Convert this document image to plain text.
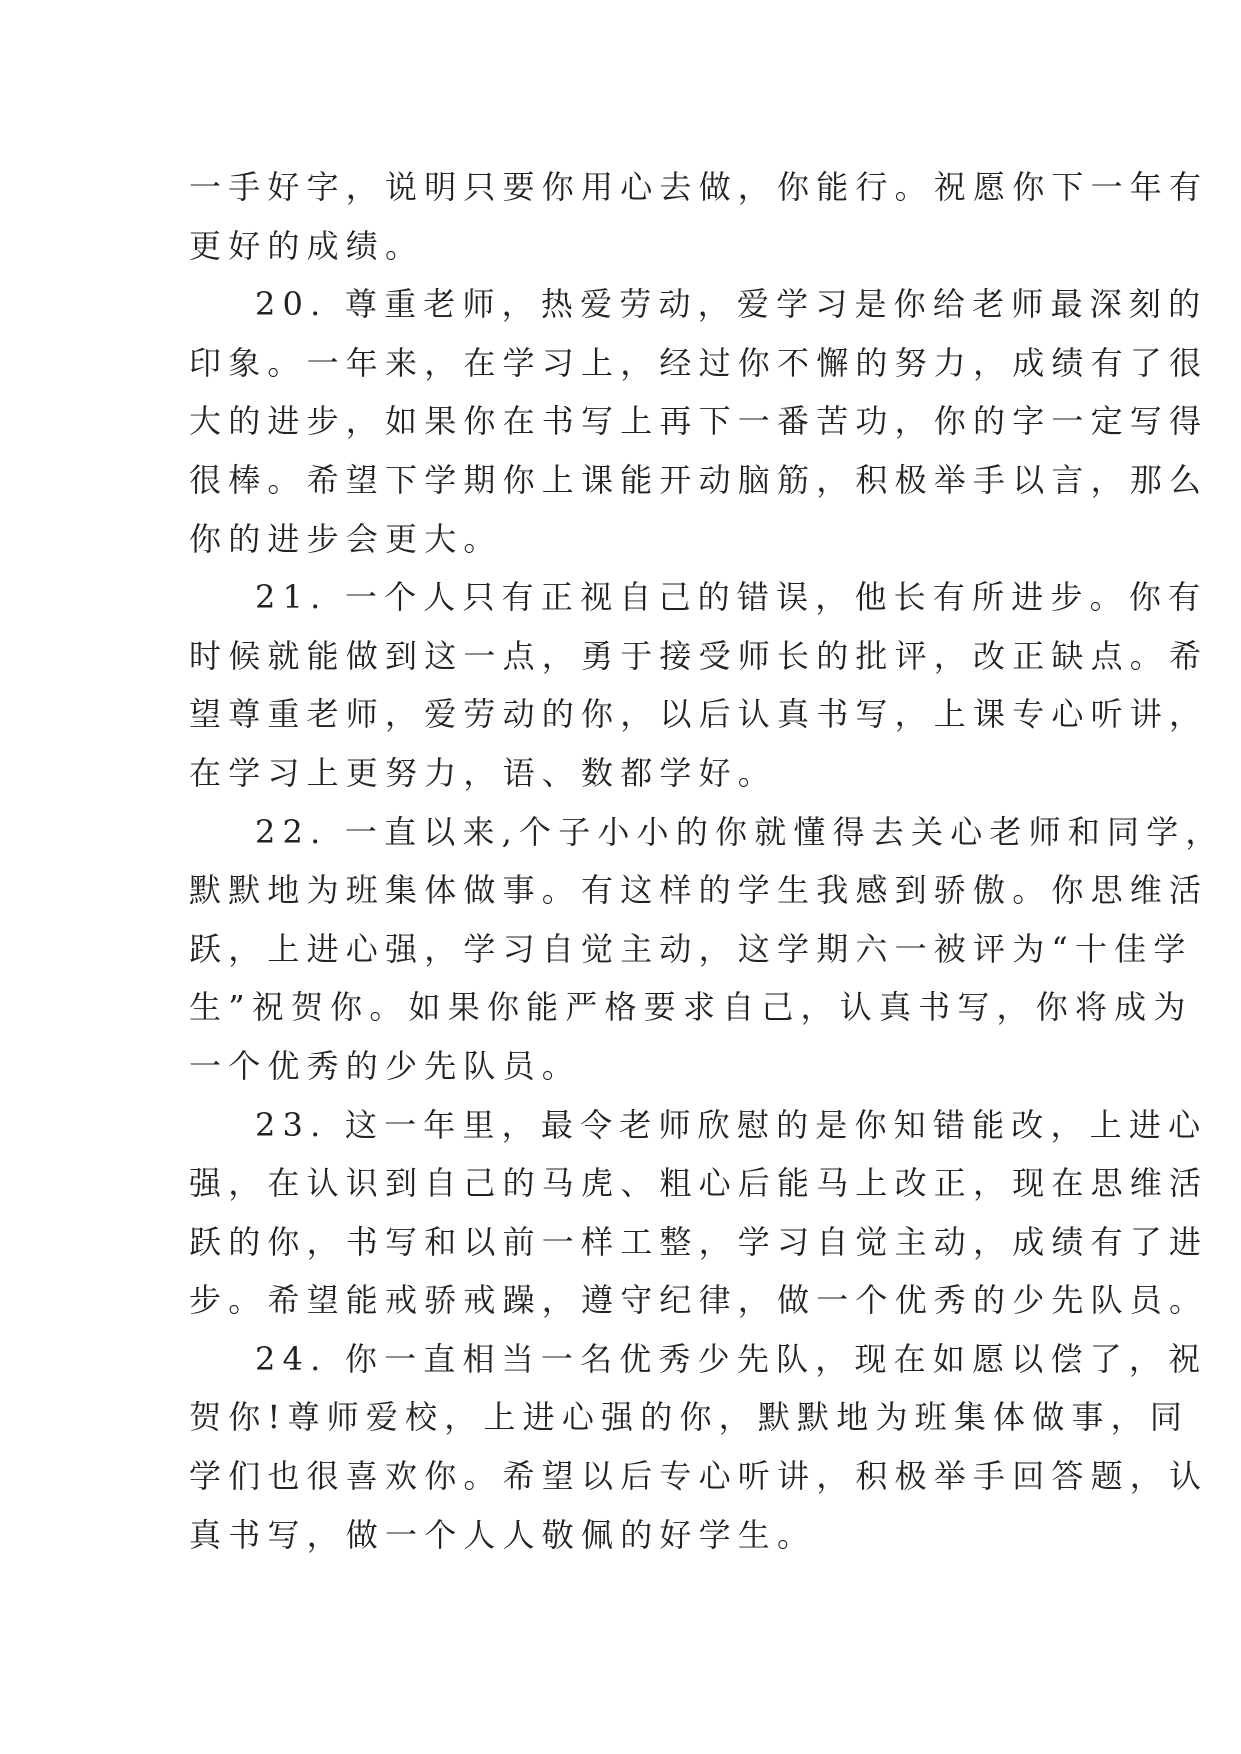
一手好字，说明只要你用心去做，你能行。祝愿你下一年有
更好的成绩。
20. 尊重老师，热爱劳动，爱学习是你给老师最深刻的
印象。一年来，在学习上，经过你不懈的努力，成绩有了很
大的进步，如果你在书写上再下一番苦功，你的字一定写得
很棒。希望下学期你上课能开动脑筋，积极举手以言，那么
你的进步会更大。
21. 一个人只有正视自己的错误，他长有所进步。你有
时候就能做到这一点，勇于接受师长的批评，改正缺点。希
望尊重老师，爱劳动的你，以后认真书写，上课专心听讲，
在学习上更努力，语、数都学好。
22. 一直以来,个子小小的你就懂得去关心老师和同学，
默默地为班集体做事。有这样的学生我感到骄傲。你思维活
跃，上进心强，学习自觉主动，这学期六一被评为“十佳学
生”祝贺你。如果你能严格要求自己，认真书写，你将成为
一个优秀的少先队员。
23. 这一年里，最令老师欣慰的是你知错能改，上进心
强，在认识到自己的马虎、粗心后能马上改正，现在思维活
跃的你，书写和以前一样工整，学习自觉主动，成绩有了进
步。希望能戒骄戒躁，遵守纪律，做一个优秀的少先队员。
24. 你一直相当一名优秀少先队，现在如愿以偿了，祝
贺你!尊师爱校，上进心强的你，默默地为班集体做事，同
学们也很喜欢你。希望以后专心听讲，积极举手回答题，认
真书写，做一个人人敬佩的好学生。
